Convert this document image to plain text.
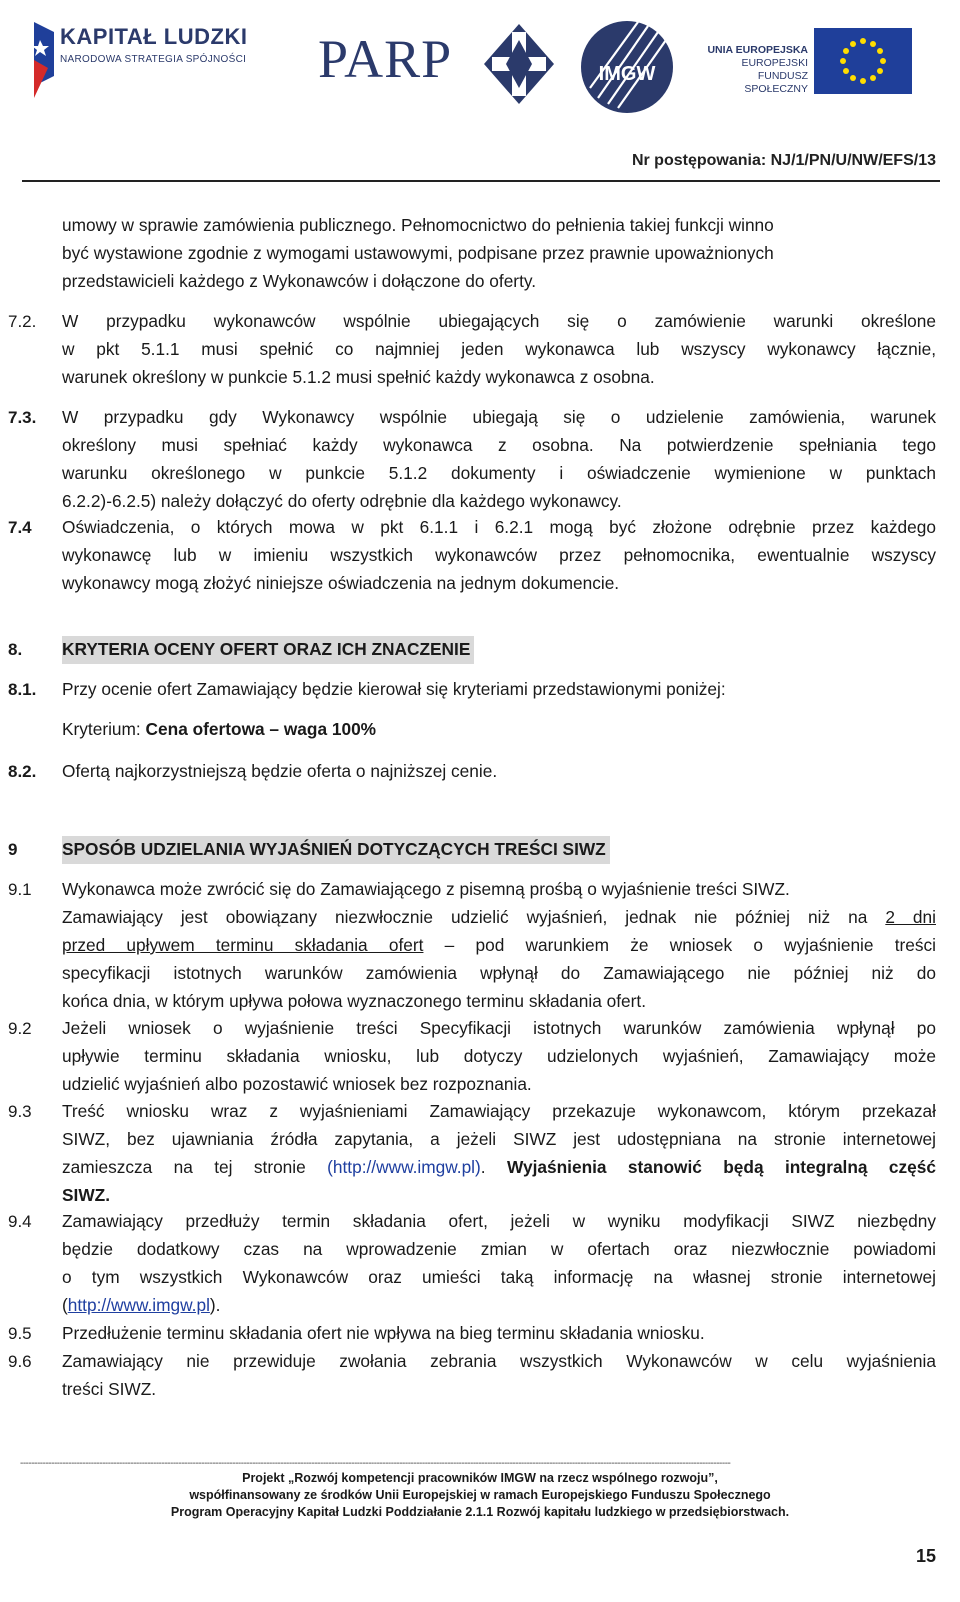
KAPITAŁ LUDZKI
NARODOWA STRATEGIA SPÓJNOŚCI PARP	IMGW
UNIA EUROPEJSKA
EUROPEJSKI
FUNDUSZ SPOŁECZNY
Nr postępowania: NJ/1/PN/U/NW/EFS/13
umowy w sprawie zamówienia publicznego. Pełnomocnictwo do pełnienia takiej funkcji winno
być wystawione zgodnie z wymogami ustawowymi, podpisane przez prawnie upoważnionych
przedstawicieli każdego z Wykonawców i dołączone do oferty.
7.2. W przypadku wykonawców wspólnie ubiegających się o zamówienie warunki określone
w pkt 5.1.1 musi spełnić co najmniej jeden wykonawca lub wszyscy wykonawcy łącznie,
warunek określony w punkcie 5.1.2 musi spełnić każdy wykonawca z osobna.
7.3. W przypadku gdy Wykonawcy wspólnie ubiegają się o udzielenie zamówienia, warunek
określony musi spełniać każdy wykonawca z osobna. Na potwierdzenie spełniania tego
warunku określonego w punkcie 5.1.2 dokumenty i oświadczenie wymienione w punktach
6.2.2)-6.2.5) należy dołączyć do oferty odrębnie dla każdego wykonawcy.
7.4 Oświadczenia, o których mowa w pkt 6.1.1 i 6.2.1 mogą być złożone odrębnie przez każdego
wykonawcę lub w imieniu wszystkich wykonawców przez pełnomocnika, ewentualnie wszyscy
wykonawcy mogą złożyć niniejsze oświadczenia na jednym dokumencie.
8. KRYTERIA OCENY OFERT ORAZ ICH ZNACZENIE
8.1. Przy ocenie ofert Zamawiający będzie kierował się kryteriami przedstawionymi poniżej:
Kryterium: Cena ofertowa – waga 100%
8.2. Ofertą najkorzystniejszą będzie oferta o najniższej cenie.
9	SPOSÓB UDZIELANIA WYJAŚNIEŃ DOTYCZĄCYCH TREŚCI SIWZ
9.1 Wykonawca może zwrócić się do Zamawiającego z pisemną prośbą o wyjaśnienie treści SIWZ.
Zamawiający jest obowiązany niezwłocznie udzielić wyjaśnień, jednak nie później niż na 2 dni
przed upływem terminu składania ofert – pod warunkiem że wniosek o wyjaśnienie treści
specyfikacji istotnych warunków zamówienia wpłynął do Zamawiającego nie później niż do
końca dnia, w którym upływa połowa wyznaczonego terminu składania ofert.
9.2 Jeżeli wniosek o wyjaśnienie treści Specyfikacji istotnych warunków zamówienia wpłynął po
upływie terminu składania wniosku, lub dotyczy udzielonych wyjaśnień, Zamawiający może
udzielić wyjaśnień albo pozostawić wniosek bez rozpoznania.
9.3 Treść wniosku wraz z wyjaśnieniami Zamawiający przekazuje wykonawcom, którym przekazał
SIWZ, bez ujawniania źródła zapytania, a jeżeli SIWZ jest udostępniana na stronie internetowej
zamieszcza na tej stronie (http://www.imgw.pl). Wyjaśnienia stanowić będą integralną część
SIWZ.
9.4 Zamawiający przedłuży termin składania ofert, jeżeli w wyniku modyfikacji SIWZ niezbędny
będzie dodatkowy czas na wprowadzenie zmian w ofertach oraz niezwłocznie powiadomi
o tym wszystkich Wykonawców oraz umieści taką informację na własnej stronie internetowej
(http://www.imgw.pl).
9.5 Przedłużenie terminu składania ofert nie wpływa na bieg terminu składania wniosku.
9.6 Zamawiający nie przewiduje zwołania zebrania wszystkich Wykonawców w celu wyjaśnienia
treści SIWZ.
-----------------------------------------------------------------------------------------------------------------------------------------------------------------------------------------------------------------------------------------------------------
Projekt „Rozwój kompetencji pracowników IMGW na rzecz wspólnego rozwoju”,
współfinansowany ze środków Unii Europejskiej w ramach Europejskiego Funduszu Społecznego
Program Operacyjny Kapitał Ludzki Poddziałanie 2.1.1 Rozwój kapitału ludzkiego w przedsiębiorstwach.
15
